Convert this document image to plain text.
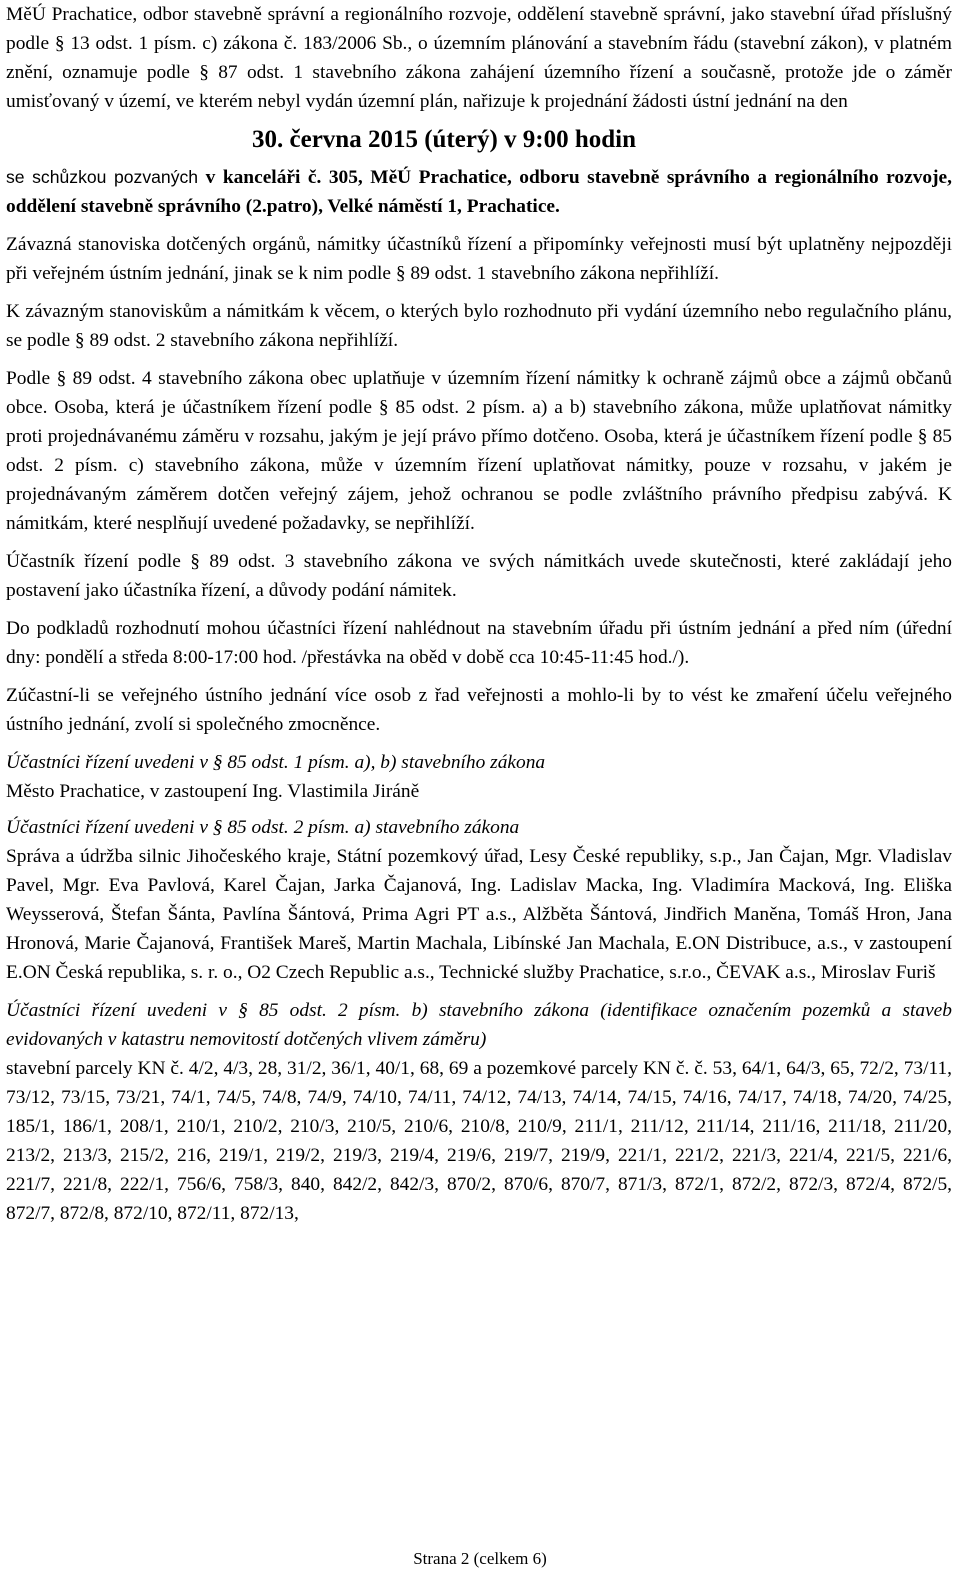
MěÚ Prachatice, odbor stavebně správní a regionálního rozvoje, oddělení stavebně správní, jako stavební úřad příslušný podle § 13 odst. 1 písm. c) zákona č. 183/2006 Sb., o územním plánování a stavebním řádu (stavební zákon), v platném znění, oznamuje podle § 87 odst. 1 stavebního zákona zahájení územního řízení a současně, protože jde o záměr umisťovaný v území, ve kterém nebyl vydán územní plán, nařizuje k projednání žádosti ústní jednání na den

30. června 2015 (úterý) v 9:00 hodin

se schůzkou pozvaných v kanceláři č. 305, MěÚ Prachatice, odboru stavebně správního a regionálního rozvoje, oddělení stavebně správního (2.patro), Velké náměstí 1, Prachatice.

Závazná stanoviska dotčených orgánů, námitky účastníků řízení a připomínky veřejnosti musí být uplatněny nejpozději při veřejném ústním jednání, jinak se k nim podle § 89 odst. 1 stavebního zákona nepřihlíží.

K závazným stanoviskům a námitkám k věcem, o kterých bylo rozhodnuto při vydání územního nebo regulačního plánu, se podle § 89 odst. 2 stavebního zákona nepřihlíží.

Podle § 89 odst. 4 stavebního zákona obec uplatňuje v územním řízení námitky k ochraně zájmů obce a zájmů občanů obce. Osoba, která je účastníkem řízení podle § 85 odst. 2 písm. a) a b) stavebního zákona, může uplatňovat námitky proti projednávanému záměru v rozsahu, jakým je její právo přímo dotčeno. Osoba, která je účastníkem řízení podle § 85 odst. 2 písm. c) stavebního zákona, může v územním řízení uplatňovat námitky, pouze v rozsahu, v jakém je projednávaným záměrem dotčen veřejný zájem, jehož ochranou se podle zvláštního právního předpisu zabývá. K námitkám, které nesplňují uvedené požadavky, se nepřihlíží.

Účastník řízení podle § 89 odst. 3 stavebního zákona ve svých námitkách uvede skutečnosti, které zakládají jeho postavení jako účastníka řízení, a důvody podání námitek.

Do podkladů rozhodnutí mohou účastníci řízení nahlédnout na stavebním úřadu při ústním jednání a před ním (úřední dny: pondělí a středa 8:00-17:00 hod. /přestávka na oběd v době cca 10:45-11:45 hod./).

Zúčastní-li se veřejného ústního jednání více osob z řad veřejnosti a mohlo-li by to vést ke zmaření účelu veřejného ústního jednání, zvolí si společného zmocněnce.

Účastníci řízení uvedeni v § 85 odst. 1 písm. a), b) stavebního zákona

Město Prachatice, v zastoupení Ing. Vlastimila Jiráně

Účastníci řízení uvedeni v § 85 odst. 2 písm. a) stavebního zákona

Správa a údržba silnic Jihočeského kraje, Státní pozemkový úřad, Lesy České republiky, s.p., Jan Čajan, Mgr. Vladislav Pavel, Mgr. Eva Pavlová, Karel Čajan, Jarka Čajanová, Ing. Ladislav Macka, Ing. Vladimíra Macková, Ing. Eliška Weysserová, Štefan Šánta, Pavlína Šántová, Prima Agri PT a.s., Alžběta Šántová, Jindřich Maněna, Tomáš Hron, Jana Hronová, Marie Čajanová, František Mareš, Martin Machala, Libínské Jan Machala, E.ON Distribuce, a.s., v zastoupení E.ON Česká republika, s. r. o., O2 Czech Republic a.s., Technické služby Prachatice, s.r.o., ČEVAK a.s., Miroslav Furiš

Účastníci řízení uvedeni v § 85 odst. 2 písm. b) stavebního zákona (identifikace označením pozemků a staveb evidovaných v katastru nemovitostí dotčených vlivem záměru)

stavební parcely KN č. 4/2, 4/3, 28, 31/2, 36/1, 40/1, 68, 69 a pozemkové parcely KN č. č. 53, 64/1, 64/3, 65, 72/2, 73/11, 73/12, 73/15, 73/21, 74/1, 74/5, 74/8, 74/9, 74/10, 74/11, 74/12, 74/13, 74/14, 74/15, 74/16, 74/17, 74/18, 74/20, 74/25, 185/1, 186/1, 208/1, 210/1, 210/2, 210/3, 210/5, 210/6, 210/8, 210/9, 211/1, 211/12, 211/14, 211/16, 211/18, 211/20, 213/2, 213/3, 215/2, 216, 219/1, 219/2, 219/3, 219/4, 219/6, 219/7, 219/9, 221/1, 221/2, 221/3, 221/4, 221/5, 221/6, 221/7, 221/8, 222/1, 756/6, 758/3, 840, 842/2, 842/3, 870/2, 870/6, 870/7, 871/3, 872/1, 872/2, 872/3, 872/4, 872/5, 872/7, 872/8, 872/10, 872/11, 872/13,

Strana 2 (celkem 6)
